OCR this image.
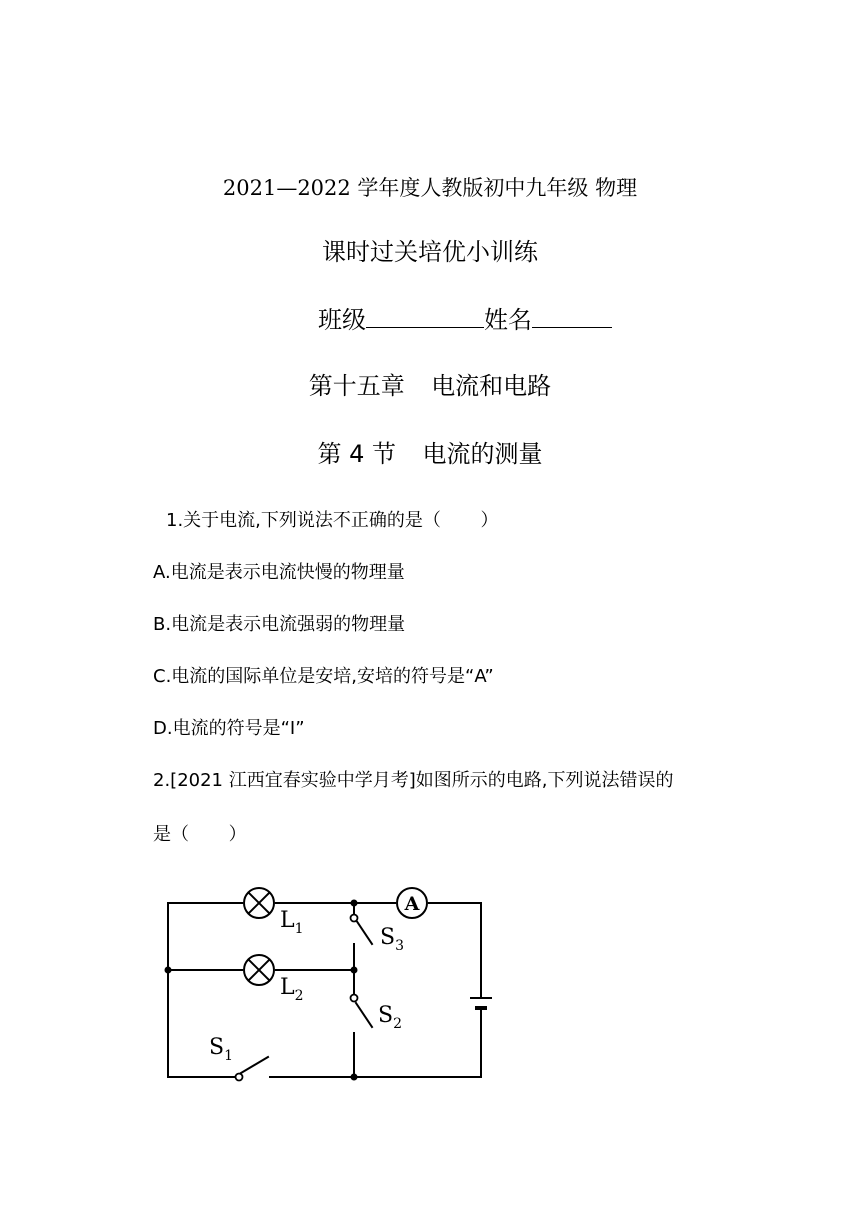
2021—2022 学年度人教版初中九年级 物理
课时过关培优小训练
班级	姓名
第十五章 电流和电路
第 4 节 电流的测量
1.关于电流,下列说法不正确的是（ ）
A.电流是表示电流快慢的物理量
B.电流是表示电流强弱的物理量
C.电流的国际单位是安培,安培的符号是“A”
D.电流的符号是“I”
2.[2021 江西宜春实验中学月考]如图所示的电路,下列说法错误的
是（ ）
A
$L_1$
$L_2$
$S_3$
$S_2$
$S_1$
